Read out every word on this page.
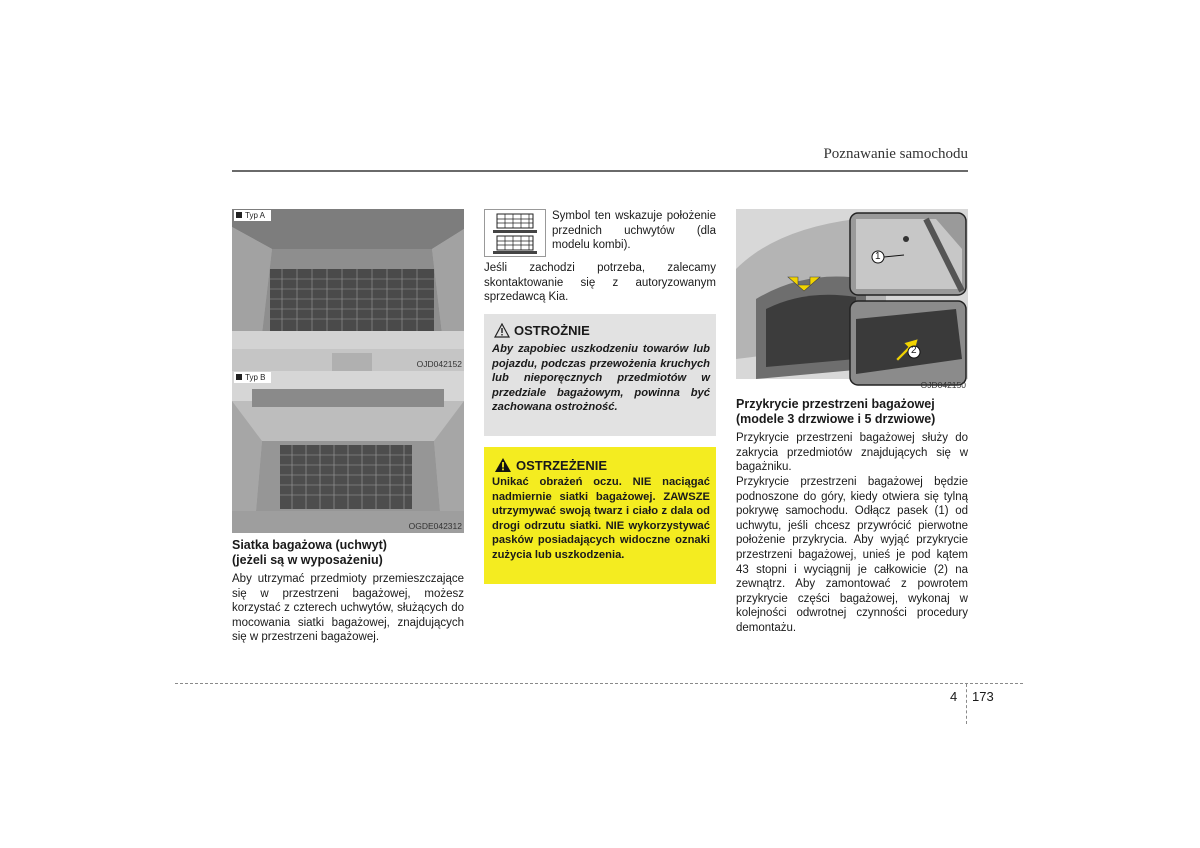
Poznawanie samochodu
Typ A
OJD042152
Typ B
OGDE042312
Siatka bagażowa (uchwyt)
(jeżeli są w wyposażeniu)
Aby utrzymać przedmioty przemieszczające się w przestrzeni bagażowej, możesz korzystać z czterech uchwytów, służących do mocowania siatki bagażowej, znajdujących się w przestrzeni bagażowej.
Symbol ten wskazuje położenie przednich uchwytów (dla modelu kombi).
Jeśli zachodzi potrzeba, zalecamy skontaktowanie się z autoryzowanym sprzedawcą Kia.
OSTROŻNIE
Aby zapobiec uszkodzeniu towarów lub pojazdu, podczas przewożenia kruchych lub nieporęcznych przedmiotów w przedziale bagażowym, powinna być zachowana ostrożność.
OSTRZEŻENIE
Unikać obrażeń oczu. NIE naciągać nadmiernie siatki bagażowej. ZAWSZE utrzymywać swoją twarz i ciało z dala od drogi odrzutu siatki. NIE wykorzystywać pasków posiadających widoczne oznaki zużycia lub uszkodzenia.
OJD042150
1
2
Przykrycie przestrzeni bagażowej
(modele 3 drzwiowe i 5 drzwiowe)
Przykrycie przestrzeni bagażowej służy do zakrycia przedmiotów znajdujących się w bagażniku.
Przykrycie przestrzeni bagażowej będzie podnoszone do góry, kiedy otwiera się tylną pokrywę samochodu. Odłącz pasek (1) od uchwytu, jeśli chcesz przywrócić pierwotne położenie przykrycia. Aby wyjąć przykrycie przestrzeni bagażowej, unieś je pod kątem 43 stopni i wyciągnij je całkowicie (2) na zewnątrz. Aby zamontować z powrotem przykrycie części bagażowej, wykonaj w kolejności odwrotnej czynności procedury demontażu.
4 173
